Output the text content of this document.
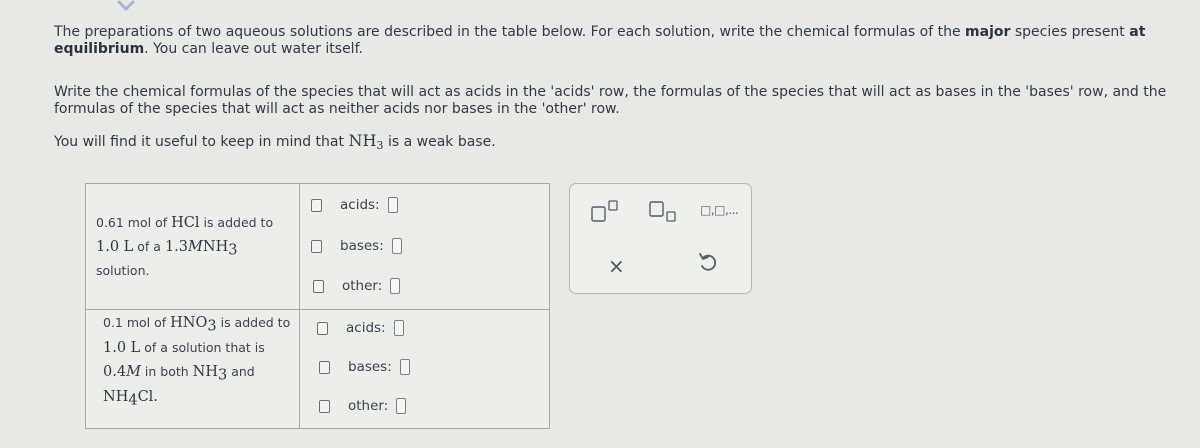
The preparations of two aqueous solutions are described in the table below. For each solution, write the chemical formulas of the major species present at equilibrium. You can leave out water itself.
Write the chemical formulas of the species that will act as acids in the 'acids' row, the formulas of the species that will act as bases in the 'bases' row, and the formulas of the species that will act as neither acids nor bases in the 'other' row.
You will find it useful to keep in mind that $NH_3$ is a weak base.
0.61 mol of HCl is added to
1.0 L of a $1.3MNH_3$
solution.
0.1 mol of $HNO_3$ is added to
1.0 L of a solution that is
0.4M in both $NH_3$ and
$NH_4Cl$.
acids:
bases:
other:
acids:
bases:
other:
□,□,...
×
